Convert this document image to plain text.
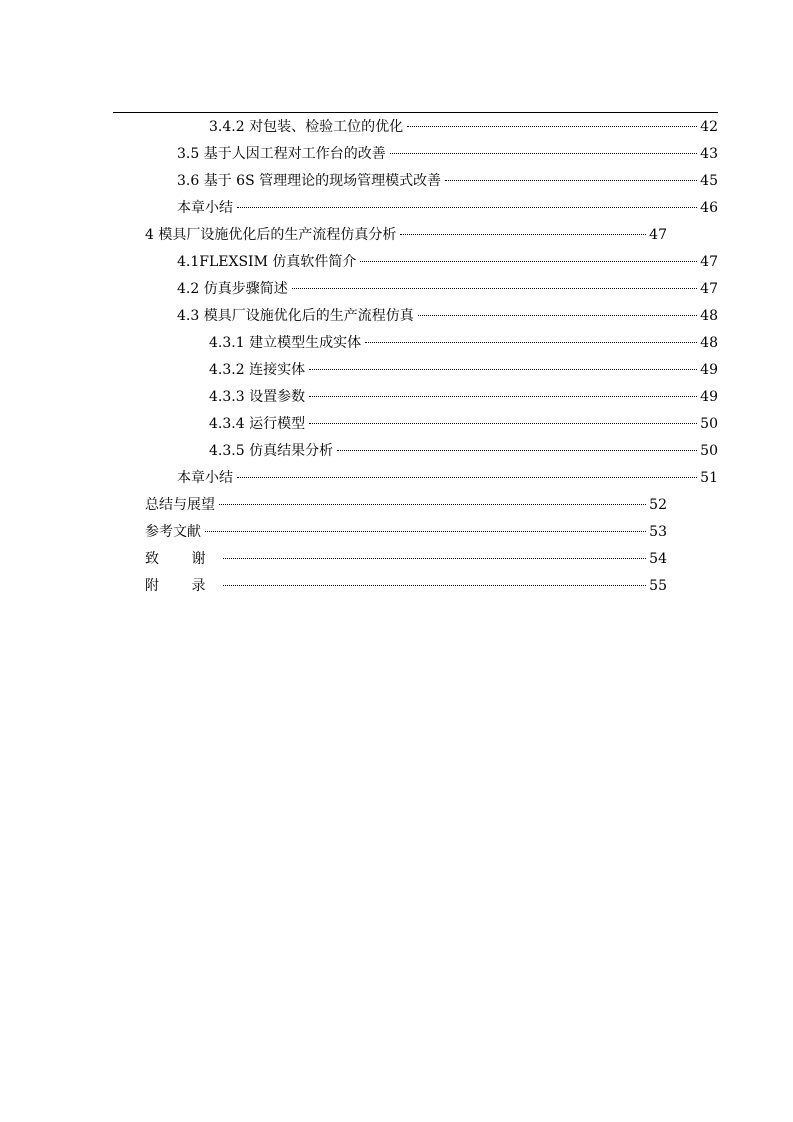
3.4.2 对包装、检验工位的优化	42
3.5 基于人因工程对工作台的改善	43
3.6 基于 6S 管理理论的现场管理模式改善	45
本章小结	46
4 模具厂设施优化后的生产流程仿真分析	47
4.1FLEXSIM 仿真软件简介	47
4.2 仿真步骤简述	47
4.3 模具厂设施优化后的生产流程仿真	48
4.3.1 建立模型生成实体	48
4.3.2 连接实体	49
4.3.3 设置参数	49
4.3.4 运行模型	50
4.3.5 仿真结果分析	50
本章小结	51
总结与展望	52
参考文献	53
致 谢	54
附 录	55
